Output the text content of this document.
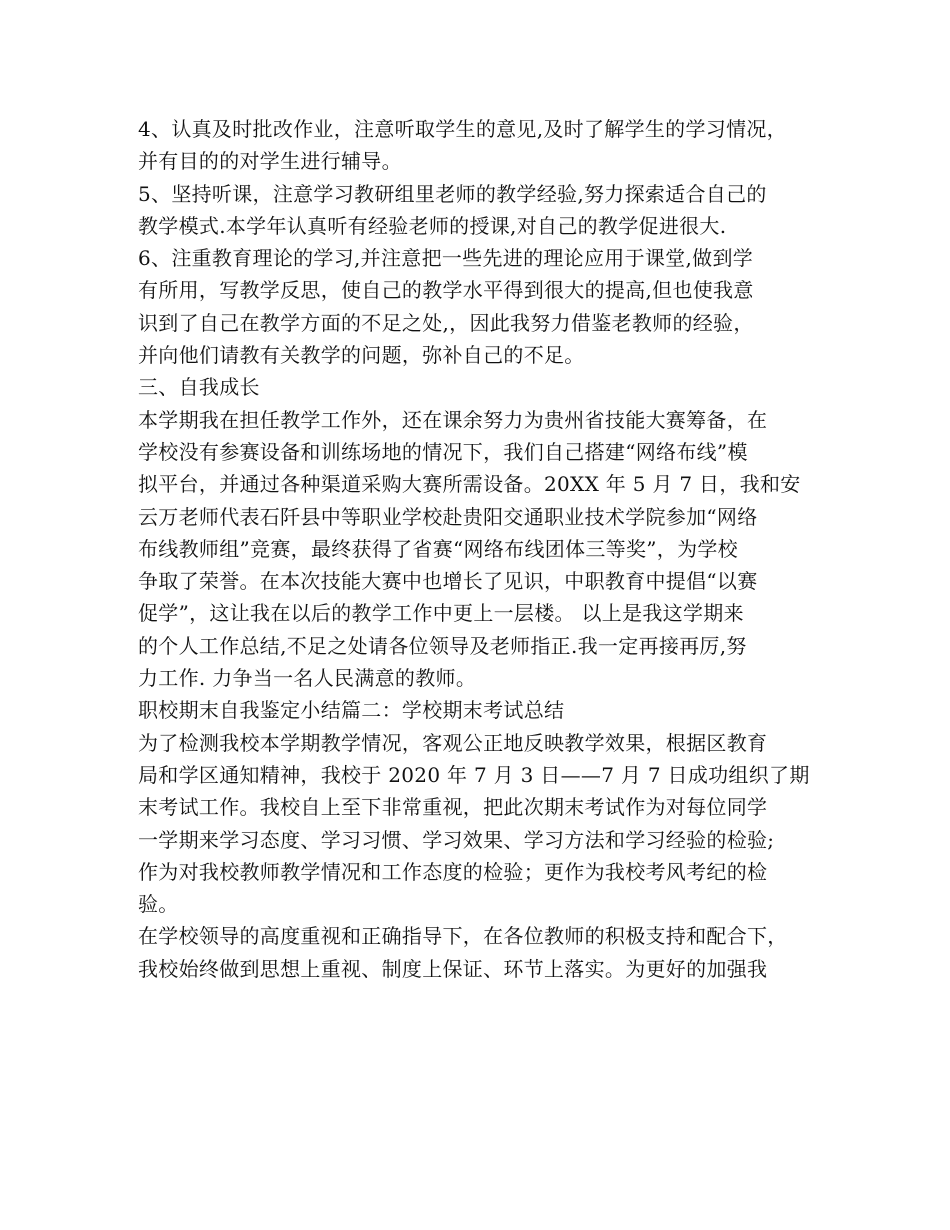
4、认真及时批改作业，注意听取学生的意见,及时了解学生的学习情况，
并有目的的对学生进行辅导。
5、坚持听课，注意学习教研组里老师的教学经验,努力探索适合自己的
教学模式.本学年认真听有经验老师的授课,对自己的教学促进很大.
6、注重教育理论的学习,并注意把一些先进的理论应用于课堂,做到学
有所用，写教学反思，使自己的教学水平得到很大的提高,但也使我意
识到了自己在教学方面的不足之处,，因此我努力借鉴老教师的经验，
并向他们请教有关教学的问题，弥补自己的不足。
三、自我成长
本学期我在担任教学工作外，还在课余努力为贵州省技能大赛筹备，在
学校没有参赛设备和训练场地的情况下，我们自己搭建“网络布线”模
拟平台，并通过各种渠道采购大赛所需设备。20XX 年 5 月 7 日，我和安
云万老师代表石阡县中等职业学校赴贵阳交通职业技术学院参加“网络
布线教师组”竞赛，最终获得了省赛“网络布线团体三等奖”，为学校
争取了荣誉。在本次技能大赛中也增长了见识，中职教育中提倡“以赛
促学”，这让我在以后的教学工作中更上一层楼。 以上是我这学期来
的个人工作总结,不足之处请各位领导及老师指正.我一定再接再厉,努
力工作. 力争当一名人民满意的教师。
职校期末自我鉴定小结篇二：学校期末考试总结
为了检测我校本学期教学情况，客观公正地反映教学效果，根据区教育
局和学区通知精神，我校于 2020 年 7 月 3 日——7 月 7 日成功组织了期
末考试工作。我校自上至下非常重视，把此次期末考试作为对每位同学
一学期来学习态度、学习习惯、学习效果、学习方法和学习经验的检验;
作为对我校教师教学情况和工作态度的检验；更作为我校考风考纪的检
验。
在学校领导的高度重视和正确指导下，在各位教师的积极支持和配合下，
我校始终做到思想上重视、制度上保证、环节上落实。为更好的加强我
